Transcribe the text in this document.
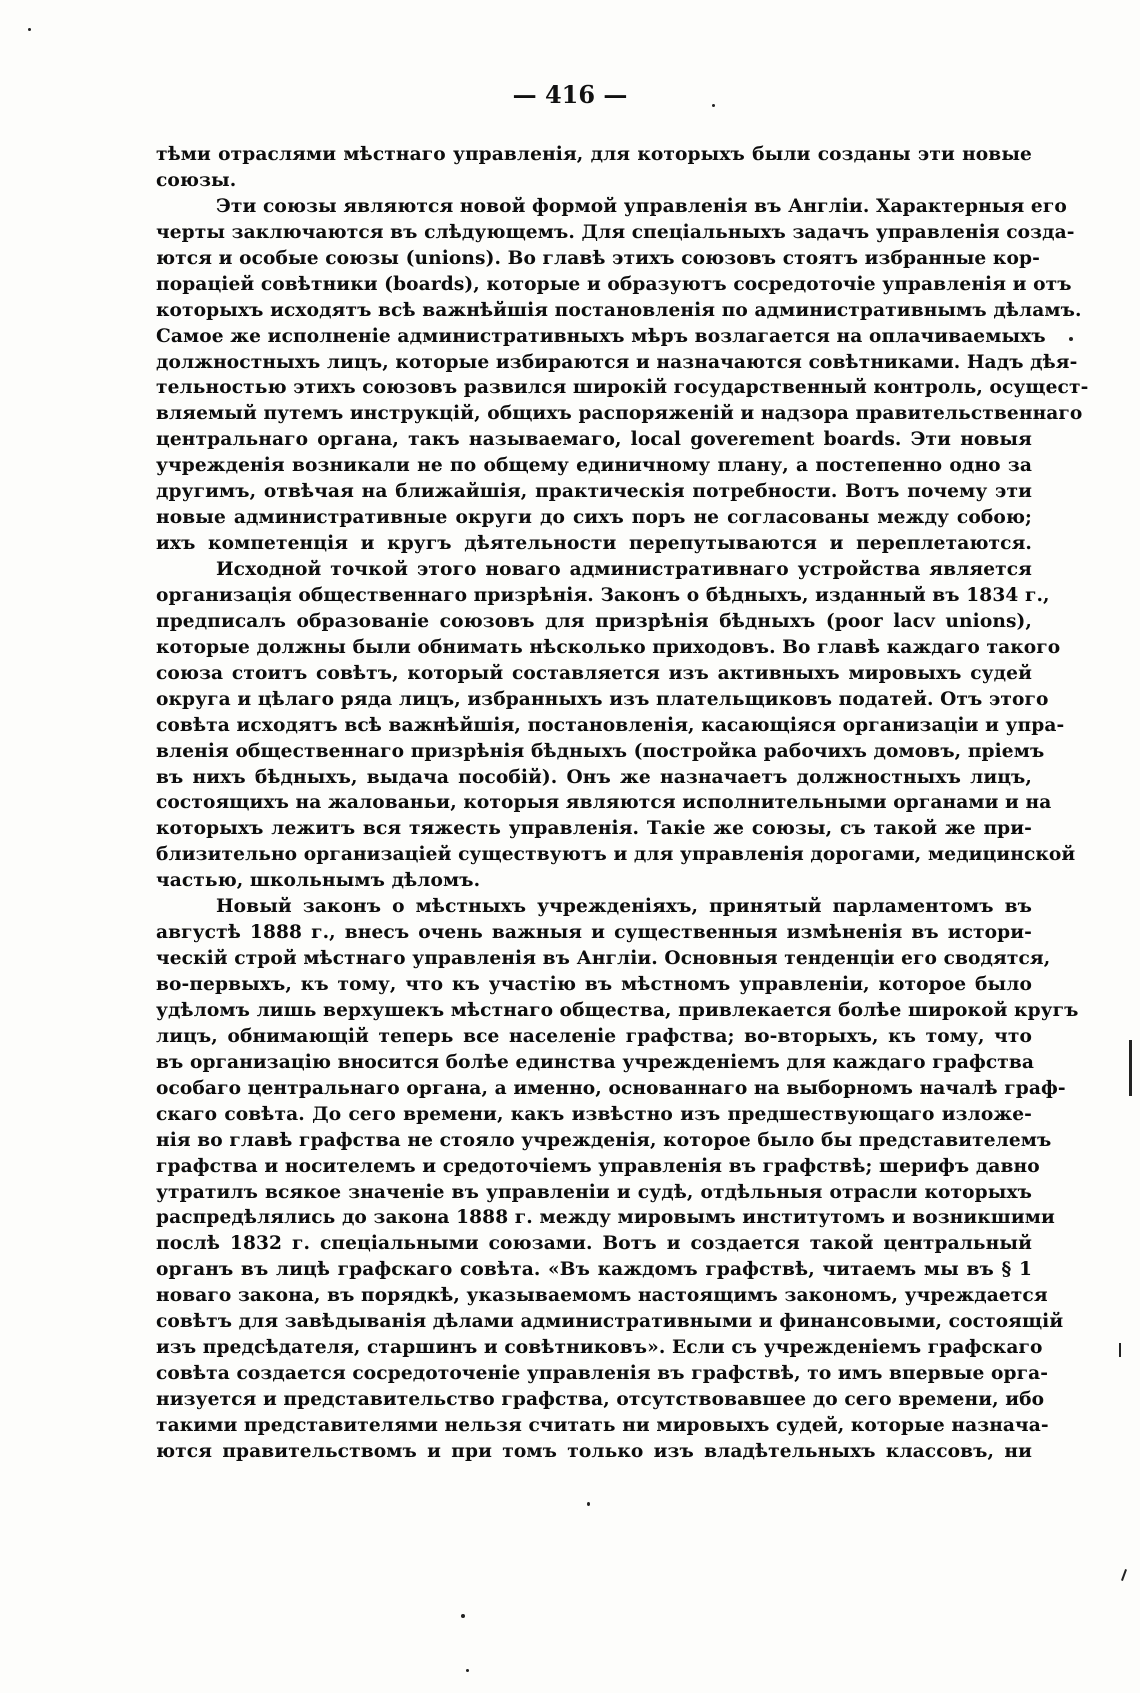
— 416 —
тѣми отраслями мѣстнаго управленія, для которыхъ были созданы эти новые
союзы.
Эти союзы являются новой формой управленія въ Англіи. Характерныя его
черты заключаются въ слѣдующемъ. Для спеціальныхъ задачъ управленія созда-
ются и особые союзы (unions). Во главѣ этихъ союзовъ стоятъ избранные кор-
пораціей совѣтники (boards), которые и образуютъ сосредоточіе управленія и отъ
которыхъ исходятъ всѣ важнѣйшія постановленія по административнымъ дѣламъ.
Самое же исполненіе административныхъ мѣръ возлагается на оплачиваемыхъ
должностныхъ лицъ, которые избираются и назначаются совѣтниками. Надъ дѣя-
тельностью этихъ союзовъ развился широкій государственный контроль, осущест-
вляемый путемъ инструкцій, общихъ распоряженій и надзора правительственнаго
центральнаго органа, такъ называемаго, local goverement boards. Эти новыя
учрежденія возникали не по общему единичному плану, а постепенно одно за
другимъ, отвѣчая на ближайшія, практическія потребности. Вотъ почему эти
новые административные округи до сихъ поръ не согласованы между собою;
ихъ компетенція и кругъ дѣятельности перепутываются и переплетаются.
Исходной точкой этого новаго административнаго устройства является
организація общественнаго призрѣнія. Законъ о бѣдныхъ, изданный въ 1834 г.,
предписалъ образованіе союзовъ для призрѣнія бѣдныхъ (poor lacv unions),
которые должны были обнимать нѣсколько приходовъ. Во главѣ каждаго такого
союза стоитъ совѣтъ, который составляется изъ активныхъ мировыхъ судей
округа и цѣлаго ряда лицъ, избранныхъ изъ плательщиковъ податей. Отъ этого
совѣта исходятъ всѣ важнѣйшія, постановленія, касающіяся организаціи и упра-
вленія общественнаго призрѣнія бѣдныхъ (постройка рабочихъ домовъ, пріемъ
въ нихъ бѣдныхъ, выдача пособій). Онъ же назначаетъ должностныхъ лицъ,
состоящихъ на жалованьи, которыя являются исполнительными органами и на
которыхъ лежитъ вся тяжесть управленія. Такіе же союзы, съ такой же при-
близительно организаціей существуютъ и для управленія дорогами, медицинской
частью, школьнымъ дѣломъ.
Новый законъ о мѣстныхъ учрежденіяхъ, принятый парламентомъ въ
августѣ 1888 г., внесъ очень важныя и существенныя измѣненія въ истори-
ческій строй мѣстнаго управленія въ Англіи. Основныя тенденціи его сводятся,
во-первыхъ, къ тому, что къ участію въ мѣстномъ управленіи, которое было
удѣломъ лишь верхушекъ мѣстнаго общества, привлекается болѣе широкой кругъ
лицъ, обнимающій теперь все населеніе графства; во-вторыхъ, къ тому, что
въ организацію вносится болѣе единства учрежденіемъ для каждаго графства
особаго центральнаго органа, а именно, основаннаго на выборномъ началѣ граф-
скаго совѣта. До сего времени, какъ извѣстно изъ предшествующаго изложе-
нія во главѣ графства не стояло учрежденія, которое было бы представителемъ
графства и носителемъ и средоточіемъ управленія въ графствѣ; шерифъ давно
утратилъ всякое значеніе въ управленіи и судѣ, отдѣльныя отрасли которыхъ
распредѣлялись до закона 1888 г. между мировымъ институтомъ и возникшими
послѣ 1832 г. спеціальными союзами. Вотъ и создается такой центральный
органъ въ лицѣ графскаго совѣта. «Въ каждомъ графствѣ, читаемъ мы въ § 1
новаго закона, въ порядкѣ, указываемомъ настоящимъ закономъ, учреждается
совѣтъ для завѣдыванія дѣлами административными и финансовыми, состоящій
изъ предсѣдателя, старшинъ и совѣтниковъ». Если съ учрежденіемъ графскаго
совѣта создается сосредоточеніе управленія въ графствѣ, то имъ впервые орга-
низуется и представительство графства, отсутствовавшее до сего времени, ибо
такими представителями нельзя считать ни мировыхъ судей, которые назнача-
ются правительствомъ и при томъ только изъ владѣтельныхъ классовъ, ни
